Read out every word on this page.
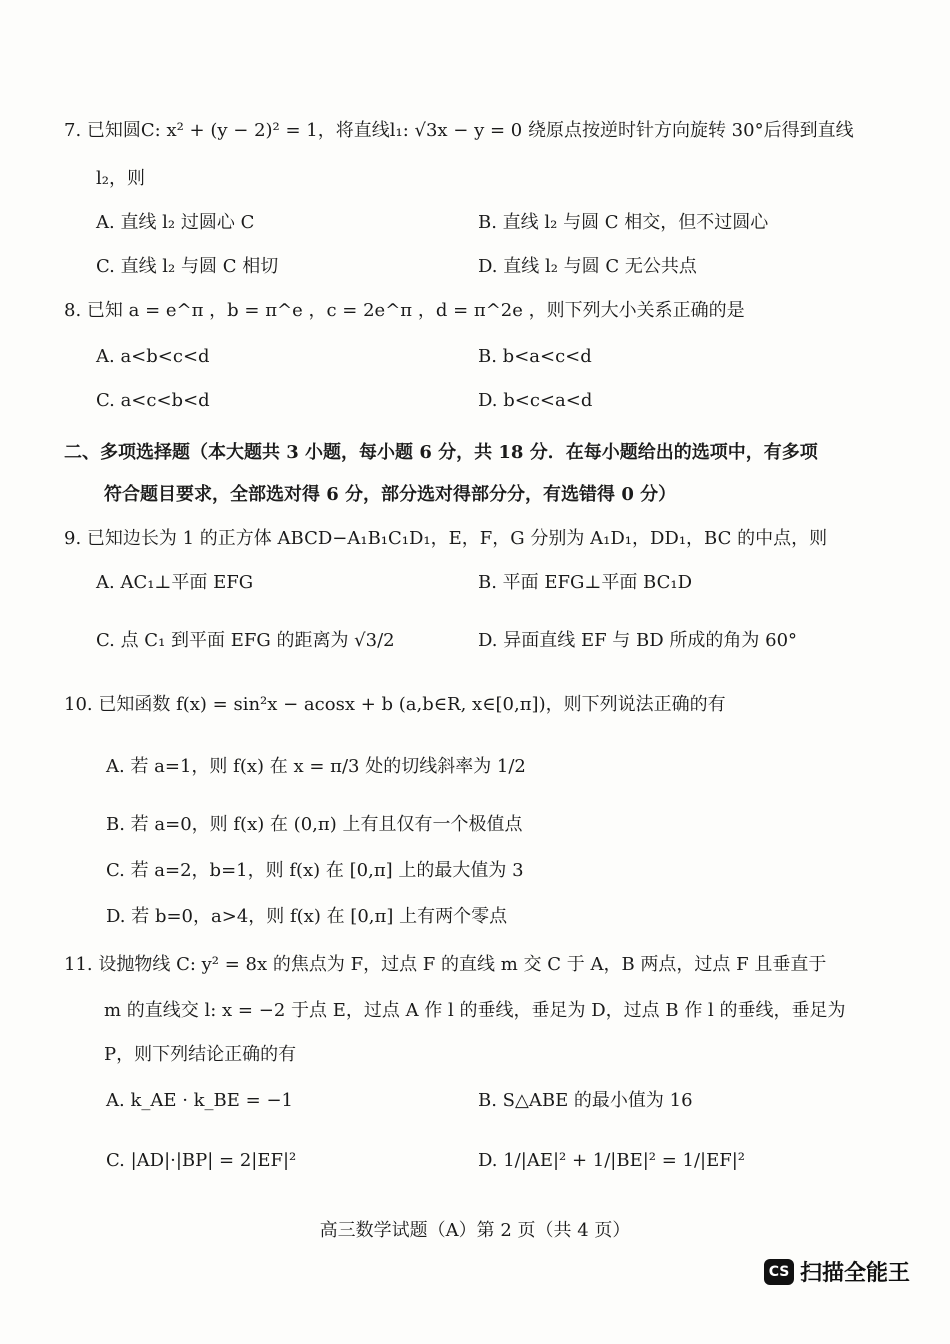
7. 已知圆C: x² + (y − 2)² = 1，将直线l₁: √3x − y = 0 绕原点按逆时针方向旋转 30°后得到直线
l₂，则
A. 直线 l₂ 过圆心 C	B. 直线 l₂ 与圆 C 相交，但不过圆心
C. 直线 l₂ 与圆 C 相切	D. 直线 l₂ 与圆 C 无公共点
8. 已知 a = e^π ，b = π^e ，c = 2e^π ，d = π^2e ，则下列大小关系正确的是
A. a<b<c<d	B. b<a<c<d
C. a<c<b<d	D. b<c<a<d
二、多项选择题（本大题共 3 小题，每小题 6 分，共 18 分．在每小题给出的选项中，有多项
符合题目要求，全部选对得 6 分，部分选对得部分分，有选错得 0 分）
9. 已知边长为 1 的正方体 ABCD−A₁B₁C₁D₁，E，F，G 分别为 A₁D₁，DD₁，BC 的中点，则
A. AC₁⊥平面 EFG	B. 平面 EFG⊥平面 BC₁D
C. 点 C₁ 到平面 EFG 的距离为 √3/2	D. 异面直线 EF 与 BD 所成的角为 60°
10. 已知函数 f(x) = sin²x − acosx + b (a,b∈R, x∈[0,π])，则下列说法正确的有
A. 若 a=1，则 f(x) 在 x = π/3 处的切线斜率为 1/2
B. 若 a=0，则 f(x) 在 (0,π) 上有且仅有一个极值点
C. 若 a=2，b=1，则 f(x) 在 [0,π] 上的最大值为 3
D. 若 b=0，a>4，则 f(x) 在 [0,π] 上有两个零点
11. 设抛物线 C: y² = 8x 的焦点为 F，过点 F 的直线 m 交 C 于 A，B 两点，过点 F 且垂直于
m 的直线交 l: x = −2 于点 E，过点 A 作 l 的垂线，垂足为 D，过点 B 作 l 的垂线，垂足为
P，则下列结论正确的有
A. k_AE · k_BE = −1	B. S△ABE 的最小值为 16
C. |AD|·|BP| = 2|EF|²	D. 1/|AE|² + 1/|BE|² = 1/|EF|²
高三数学试题（A）第 2 页（共 4 页）
CS 扫描全能王
